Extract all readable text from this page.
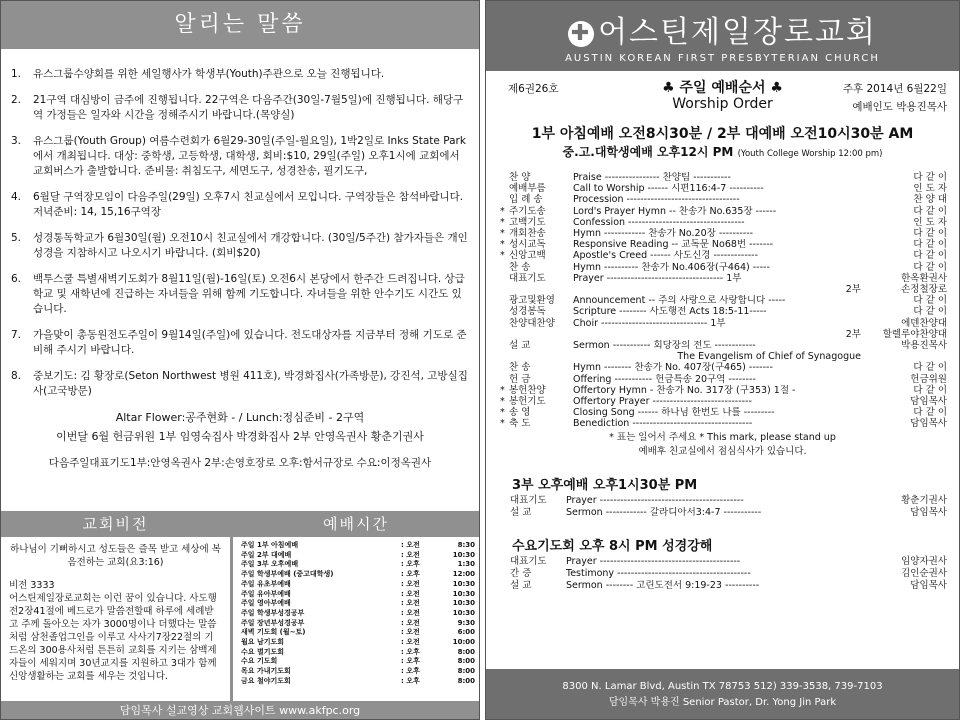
알리는 말씀
1.	유스그룹수양회를 위한 세일행사가 학생부(Youth)주관으로 오늘 진행됩니다.
2.	21구역 대심방이 금주에 진행됩니다. 22구역은 다음주간(30일-7월5일)에 진행됩니다. 해당구역 가정들은 일자와 시간을 정해주시기 바랍니다.(목양실)
3.	유스그룹(Youth Group) 여름수련회가 6월29-30일(주일-월요일), 1박2일로 Inks State Park에서 개최됩니다. 대상: 중학생, 고등학생, 대학생, 회비:$10, 29일(주일) 오후1시에 교회에서 교회버스가 출발합니다. 준비물: 취침도구, 세면도구, 성경찬송, 필기도구,
4.	6월달 구역장모임이 다음주일(29일) 오후7시 친교실에서 모입니다. 구역장들은 참석바랍니다. 저녁준비: 14, 15,16구역장
5.	성경통독학교가 6월30일(월) 오전10시 친교실에서 개강합니다. (30일/5주간) 참가자들은 개인성경을 지참하시고 나오시기 바랍니다. (회비$20)
6.	백투스쿨 특별새벽기도회가 8월11일(월)-16일(토) 오전6시 본당에서 한주간 드려집니다. 상급학교 및 새학년에 진급하는 자녀들을 위해 함께 기도합니다. 자녀들을 위한 안수기도 시간도 있습니다.
7.	가을맞이 총동원전도주일이 9월14일(주일)에 있습니다. 전도대상자를 지금부터 정해 기도로 준비해 주시기 바랍니다.
8.	중보기도: 김 황장로(Seton Northwest 병원 411호), 박경화집사(가족방문), 강진석, 고방실집사(고국방문)
Altar Flower:공주현화 - / Lunch:정심준비 - 2구역
이번달 6월 헌금위원 1부 임영숙집사 박경화집사 2부 안영옥권사 황춘기권사
다음주일대표기도1부:안영옥권사 2부:손영호장로 오후:함서규장로 수요:이정옥권사
교회비전
하나님이 기뻐하시고 성도들은 즐목 받고 세상에 복음전하는 교회(요3:16)
비전 3333
어스틴제일장로교회는 이런 꿈이 있습니다. 사도행전2장41절에 베드로가 말씀전할때 하루에 세례받고 주께 돌아오는 자가 3000명이나 더했다는 말씀처럼 삼천졸업그인을 이루고 사사기7장22절의 기드온의 300용사처럼 튼튼히 교회를 지키는 삼백제자들이 세워지며 30년교지를 지원하고 3대가 함께 신앙생활하는 교회를 세우는 것입니다.
예배시간
주일 1부 아침예배	: 오전	8:30
주일 2부 대예배	: 오전	10:30
주일 3부 오후예배	: 오후	1:30
주일 학생부예배 (중고대학생)	: 오후	12:00
주일 유초부예배	: 오전	10:30
주일 유아부예배	: 오전	10:30
주일 영아부예배	: 오전	10:30
주일 학생부성경공부	: 오전	10:30
주일 장년부성경공부	: 오전	9:30
새벽 기도회 (월~토)	: 오전	6:00
월요 남기도회	: 오전	10:00
수요 별기도회	: 오후	8:00
수요 기도회	: 오후	8:00
목요 가내기도회	: 오후	8:00
금요 철야기도회	: 오후	8:00
담임목사 설교영상 교회웹사이트 www.akfpc.org
✚ 어스틴제일장로교회
AUSTIN KOREAN FIRST PRESBYTERIAN CHURCH
제6권26호	♣ 주일 예배순서 ♣
Worship Order
주후 2014년 6월22일
예배인도 박용진목사
1부 아침예배 오전8시30분 / 2부 대예배 오전10시30분 AM
중.고.대학생예배 오후12시 PM (Youth College Worship 12:00 pm)
찬 양	Praise ---------------- 찬양팀 -----------	다 같 이
예배부름	Call to Worship ------ 시편116:4-7 ----------	인 도 자
입 례 송	Procession ---------------------------------	찬 양 대
* 주기도송	Lord's Prayer Hymn -- 찬송가 No.635장 ------	다 같 이
* 고백기도	Confession ----------------------------------	인 도 자
* 개회찬송	Hymn ------------ 찬송가 No.20장 ----------	다 같 이
* 성시교독	Responsive Reading -- 교독문 No68번 -------	다 같 이
* 신앙고백	Apostle's Creed ------ 사도신경 -------------	다 같 이
찬 송	Hymn ---------- 찬송가 No.406장(구464) -----	다 같 이
대표기도	Prayer ---------------------------------- 1부	한옥환권사
2부	손정철장로
광고및환영	Announcement -- 주의 사랑으로 사랑합니다 -----	다 같 이
성경봉독	Scripture -------- 사도행전 Acts 18:5-11-----	다 같 이
찬양대찬양	Choir ------------------------------- 1부	에덴찬양대
2부	할렐루야찬양대
설 교	Sermon ----------- 회당장의 전도 ------------	박용진목사
The Evangelism of Chief of Synagogue
찬 송	Hymn -------- 찬송가 No. 407장(구465) -------	다 같 이
헌 금	Offering ----------- 헌금특송 20구역 --------	헌금위원
* 봉헌찬양	Offertory Hymn - 찬송가 No. 317장 (구353) 1절 -	다 같 이
* 봉헌기도	Offertory Prayer -----------------------------	담임목사
* 송 영	Closing Song ------ 하나님 한번도 나를 ---------	다 같 이
* 축 도	Benediction -----------------------------------	담임목사
* 표는 일어서 주세요 * This mark, please stand up
예배후 친교실에서 점심식사가 있습니다.
3부 오후예배 오후1시30분 PM
대표기도	Prayer ------------------------------------------	황춘기권사
설 교	Sermon ------------ 갈라디아서3:4-7 -----------	담임목사
수요기도회 오후 8시 PM 성경강해
대표기도	Prayer -----------------------------------------	임양자권사
간 증	Testimony ---------------------------------------	김인순권사
설 교	Sermon -------- 고린도전서 9:19-23 ----------	담임목사
8300 N. Lamar Blvd, Austin TX 78753 512) 339-3538, 739-7103
담임목사 박용진 Senior Pastor, Dr. Yong Jin Park
